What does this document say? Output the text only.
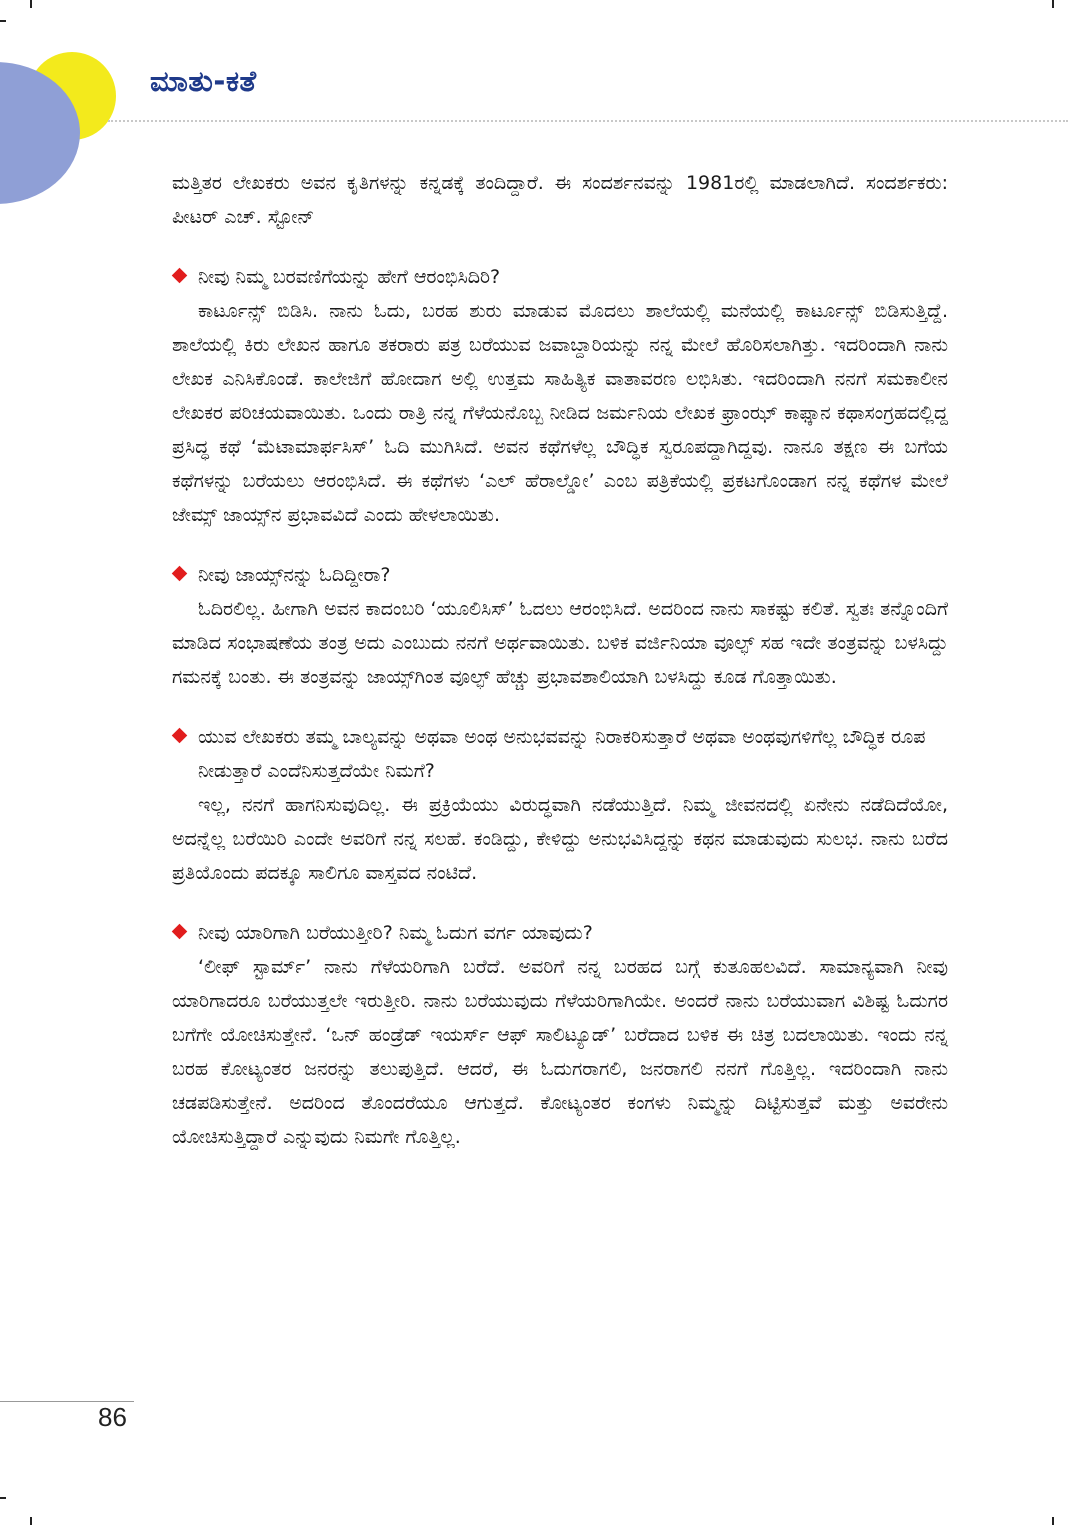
ಮಾತು-ಕತೆ

ಮತ್ತಿತರ ಲೇಖಕರು ಅವನ ಕೃತಿಗಳನ್ನು ಕನ್ನಡಕ್ಕೆ ತಂದಿದ್ದಾರೆ. ಈ ಸಂದರ್ಶನವನ್ನು 1981ರಲ್ಲಿ ಮಾಡಲಾಗಿದೆ. ಸಂದರ್ಶಕರು: ಪೀಟರ್ ಎಚ್. ಸ್ಟೋನ್

ನೀವು ನಿಮ್ಮ ಬರವಣಿಗೆಯನ್ನು ಹೇಗೆ ಆರಂಭಿಸಿದಿರಿ?

ಕಾರ್ಟೂನ್ಸ್ ಬಿಡಿಸಿ. ನಾನು ಓದು, ಬರಹ ಶುರು ಮಾಡುವ ಮೊದಲು ಶಾಲೆಯಲ್ಲಿ ಮನೆಯಲ್ಲಿ ಕಾರ್ಟೂನ್ಸ್ ಬಿಡಿಸುತ್ತಿದ್ದೆ. ಶಾಲೆಯಲ್ಲಿ ಕಿರು ಲೇಖನ ಹಾಗೂ ತಕರಾರು ಪತ್ರ ಬರೆಯುವ ಜವಾಬ್ದಾರಿಯನ್ನು ನನ್ನ ಮೇಲೆ ಹೊರಿಸಲಾಗಿತ್ತು. ಇದರಿಂದಾಗಿ ನಾನು ಲೇಖಕ ಎನಿಸಿಕೊಂಡೆ. ಕಾಲೇಜಿಗೆ ಹೋದಾಗ ಅಲ್ಲಿ ಉತ್ತಮ ಸಾಹಿತ್ಯಿಕ ವಾತಾವರಣ ಲಭಿಸಿತು. ಇದರಿಂದಾಗಿ ನನಗೆ ಸಮಕಾಲೀನ ಲೇಖಕರ ಪರಿಚಯವಾಯಿತು. ಒಂದು ರಾತ್ರಿ ನನ್ನ ಗೆಳೆಯನೊಬ್ಬ ನೀಡಿದ ಜರ್ಮನಿಯ ಲೇಖಕ ಫ್ರಾಂಝ್ ಕಾಫ್ಕಾನ ಕಥಾಸಂಗ್ರಹದಲ್ಲಿದ್ದ ಪ್ರಸಿದ್ಧ ಕಥೆ ‘ಮೆಟಾಮಾರ್ಫಸಿಸ್’ ಓದಿ ಮುಗಿಸಿದೆ. ಅವನ ಕಥೆಗಳೆಲ್ಲ ಬೌದ್ಧಿಕ ಸ್ವರೂಪದ್ದಾಗಿದ್ದವು. ನಾನೂ ತಕ್ಷಣ ಈ ಬಗೆಯ ಕಥೆಗಳನ್ನು ಬರೆಯಲು ಆರಂಭಿಸಿದೆ. ಈ ಕಥೆಗಳು ‘ಎಲ್ ಹೆರಾಲ್ಡೋ’ ಎಂಬ ಪತ್ರಿಕೆಯಲ್ಲಿ ಪ್ರಕಟಗೊಂಡಾಗ ನನ್ನ ಕಥೆಗಳ ಮೇಲೆ ಜೇಮ್ಸ್ ಜಾಯ್ಸ್‌ನ ಪ್ರಭಾವವಿದೆ ಎಂದು ಹೇಳಲಾಯಿತು.

ನೀವು ಜಾಯ್ಸ್‌ನನ್ನು ಓದಿದ್ದೀರಾ?

ಓದಿರಲಿಲ್ಲ. ಹೀಗಾಗಿ ಅವನ ಕಾದಂಬರಿ ‘ಯೂಲಿಸಿಸ್’ ಓದಲು ಆರಂಭಿಸಿದೆ. ಅದರಿಂದ ನಾನು ಸಾಕಷ್ಟು ಕಲಿತೆ. ಸ್ವತಃ ತನ್ನೊಂದಿಗೆ ಮಾಡಿದ ಸಂಭಾಷಣೆಯ ತಂತ್ರ ಅದು ಎಂಬುದು ನನಗೆ ಅರ್ಥವಾಯಿತು. ಬಳಿಕ ವರ್ಜಿನಿಯಾ ವೂಲ್ಫ್ ಸಹ ಇದೇ ತಂತ್ರವನ್ನು ಬಳಸಿದ್ದು ಗಮನಕ್ಕೆ ಬಂತು. ಈ ತಂತ್ರವನ್ನು ಜಾಯ್ಸ್‌ಗಿಂತ ವೂಲ್ಫ್ ಹೆಚ್ಚು ಪ್ರಭಾವಶಾಲಿಯಾಗಿ ಬಳಸಿದ್ದು ಕೂಡ ಗೊತ್ತಾಯಿತು.

ಯುವ ಲೇಖಕರು ತಮ್ಮ ಬಾಲ್ಯವನ್ನು ಅಥವಾ ಅಂಥ ಅನುಭವವನ್ನು ನಿರಾಕರಿಸುತ್ತಾರೆ ಅಥವಾ ಅಂಥವುಗಳಿಗೆಲ್ಲ ಬೌದ್ಧಿಕ ರೂಪ ನೀಡುತ್ತಾರೆ ಎಂದೆನಿಸುತ್ತದೆಯೇ ನಿಮಗೆ?

ಇಲ್ಲ, ನನಗೆ ಹಾಗನಿಸುವುದಿಲ್ಲ. ಈ ಪ್ರಕ್ರಿಯೆಯು ವಿರುದ್ಧವಾಗಿ ನಡೆಯುತ್ತಿದೆ. ನಿಮ್ಮ ಜೀವನದಲ್ಲಿ ಏನೇನು ನಡೆದಿದೆಯೋ, ಅದನ್ನೆಲ್ಲ ಬರೆಯಿರಿ ಎಂದೇ ಅವರಿಗೆ ನನ್ನ ಸಲಹೆ. ಕಂಡಿದ್ದು, ಕೇಳಿದ್ದು ಅನುಭವಿಸಿದ್ದನ್ನು ಕಥನ ಮಾಡುವುದು ಸುಲಭ. ನಾನು ಬರೆದ ಪ್ರತಿಯೊಂದು ಪದಕ್ಕೂ ಸಾಲಿಗೂ ವಾಸ್ತವದ ನಂಟಿದೆ.

ನೀವು ಯಾರಿಗಾಗಿ ಬರೆಯುತ್ತೀರಿ? ನಿಮ್ಮ ಓದುಗ ವರ್ಗ ಯಾವುದು?

‘ಲೀಫ್ ಸ್ಟಾರ್ಮ್’ ನಾನು ಗೆಳೆಯರಿಗಾಗಿ ಬರೆದೆ. ಅವರಿಗೆ ನನ್ನ ಬರಹದ ಬಗ್ಗೆ ಕುತೂಹಲವಿದೆ. ಸಾಮಾನ್ಯವಾಗಿ ನೀವು ಯಾರಿಗಾದರೂ ಬರೆಯುತ್ತಲೇ ಇರುತ್ತೀರಿ. ನಾನು ಬರೆಯುವುದು ಗೆಳೆಯರಿಗಾಗಿಯೇ. ಅಂದರೆ ನಾನು ಬರೆಯುವಾಗ ವಿಶಿಷ್ಟ ಓದುಗರ ಬಗೆಗೇ ಯೋಚಿಸುತ್ತೇನೆ. ‘ಒನ್ ಹಂಡ್ರೆಡ್ ಇಯರ್ಸ್ ಆಫ್ ಸಾಲಿಟ್ಯೂಡ್’ ಬರೆದಾದ ಬಳಿಕ ಈ ಚಿತ್ರ ಬದಲಾಯಿತು. ಇಂದು ನನ್ನ ಬರಹ ಕೋಟ್ಯಂತರ ಜನರನ್ನು ತಲುಪುತ್ತಿದೆ. ಆದರೆ, ಈ ಓದುಗರಾಗಲಿ, ಜನರಾಗಲಿ ನನಗೆ ಗೊತ್ತಿಲ್ಲ. ಇದರಿಂದಾಗಿ ನಾನು ಚಡಪಡಿಸುತ್ತೇನೆ. ಅದರಿಂದ ತೊಂದರೆಯೂ ಆಗುತ್ತದೆ. ಕೋಟ್ಯಂತರ ಕಂಗಳು ನಿಮ್ಮನ್ನು ದಿಟ್ಟಿಸುತ್ತವೆ ಮತ್ತು ಅವರೇನು ಯೋಚಿಸುತ್ತಿದ್ದಾರೆ ಎನ್ನುವುದು ನಿಮಗೇ ಗೊತ್ತಿಲ್ಲ.

86
